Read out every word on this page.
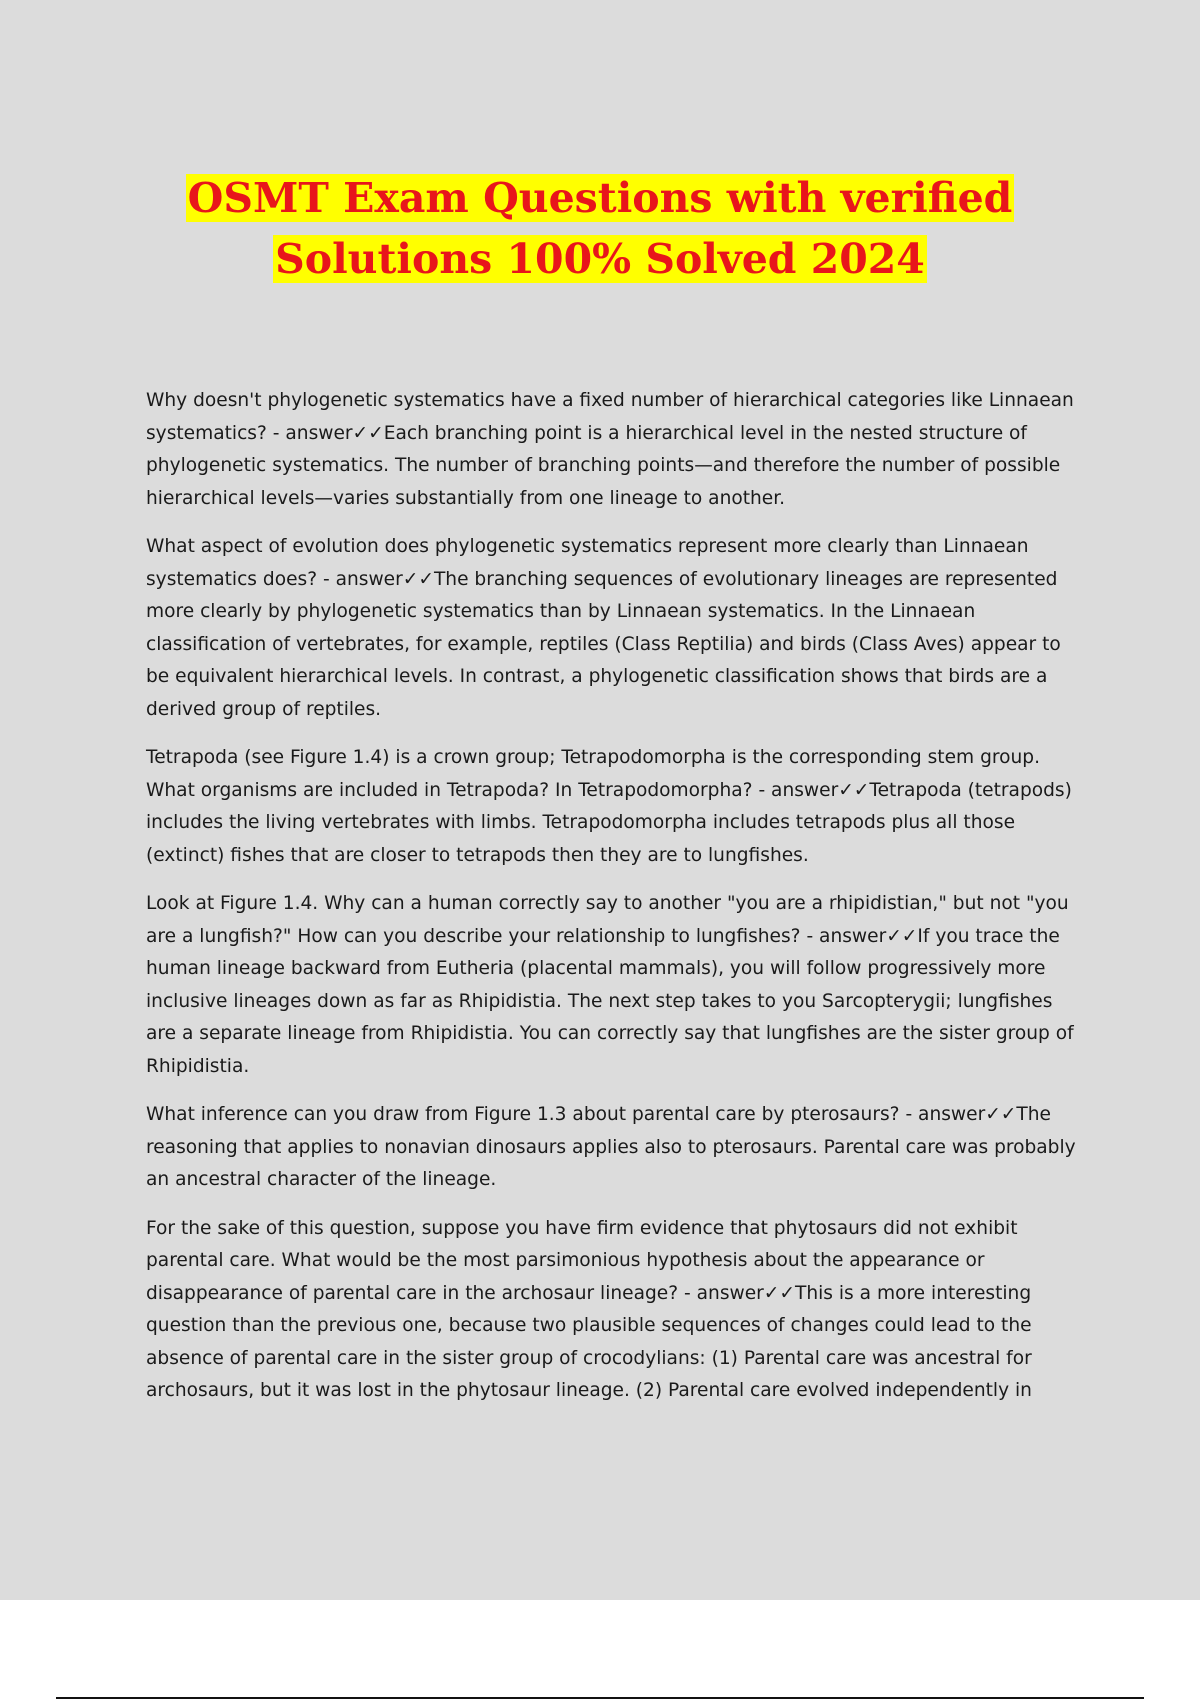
OSMT Exam Questions with verified
Solutions 100% Solved 2024

Why doesn't phylogenetic systematics have a fixed number of hierarchical categories like Linnaean systematics? - answer✓✓Each branching point is a hierarchical level in the nested structure of phylogenetic systematics. The number of branching points—and therefore the number of possible hierarchical levels—varies substantially from one lineage to another.

What aspect of evolution does phylogenetic systematics represent more clearly than Linnaean systematics does? - answer✓✓The branching sequences of evolutionary lineages are represented more clearly by phylogenetic systematics than by Linnaean systematics. In the Linnaean classification of vertebrates, for example, reptiles (Class Reptilia) and birds (Class Aves) appear to be equivalent hierarchical levels. In contrast, a phylogenetic classification shows that birds are a derived group of reptiles.

Tetrapoda (see Figure 1.4) is a crown group; Tetrapodomorpha is the corresponding stem group. What organisms are included in Tetrapoda? In Tetrapodomorpha? - answer✓✓Tetrapoda (tetrapods) includes the living vertebrates with limbs. Tetrapodomorpha includes tetrapods plus all those (extinct) fishes that are closer to tetrapods then they are to lungfishes.

Look at Figure 1.4. Why can a human correctly say to another "you are a rhipidistian," but not "you are a lungfish?" How can you describe your relationship to lungfishes? - answer✓✓If you trace the human lineage backward from Eutheria (placental mammals), you will follow progressively more inclusive lineages down as far as Rhipidistia. The next step takes to you Sarcopterygii; lungfishes are a separate lineage from Rhipidistia. You can correctly say that lungfishes are the sister group of Rhipidistia.

What inference can you draw from Figure 1.3 about parental care by pterosaurs? - answer✓✓The reasoning that applies to nonavian dinosaurs applies also to pterosaurs. Parental care was probably an ancestral character of the lineage.

For the sake of this question, suppose you have firm evidence that phytosaurs did not exhibit parental care. What would be the most parsimonious hypothesis about the appearance or disappearance of parental care in the archosaur lineage? - answer✓✓This is a more interesting question than the previous one, because two plausible sequences of changes could lead to the absence of parental care in the sister group of crocodylians: (1) Parental care was ancestral for archosaurs, but it was lost in the phytosaur lineage. (2) Parental care evolved independently in
